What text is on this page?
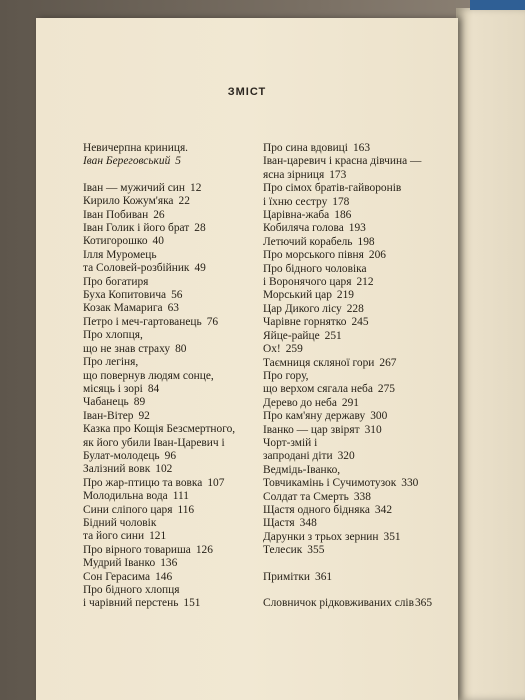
ЗМІСТ
Невичерпна криниця.
Іван Береговський 5
Іван — мужичий син 12
Кирило Кожум'яка 22
Іван Побиван 26
Іван Голик і його брат 28
Котигорошко 40
Ілля Муромець
та Соловей-розбійник 49
Про богатиря
Буха Копитовича 56
Козак Мамарига 63
Петро і меч-гартованець 76
Про хлопця,
що не знав страху 80
Про легіня,
що повернув людям сонце,
місяць і зорі 84
Чабанець 89
Іван-Вітер 92
Казка про Кощія Безсмертного,
як його убили Іван-Царевич і
Булат-молодець 96
Залізний вовк 102
Про жар-птицю та вовка 107
Молодильна вода 111
Сини сліпого царя 116
Бідний чоловік
та його сини 121
Про вірного товариша 126
Мудрий Іванко 136
Сон Герасима 146
Про бідного хлопця
і чарівний перстень 151
Про сина вдовиці 163
Іван-царевич і красна дівчина —
ясна зірниця 173
Про сімох братів-гайворонів
і їхню сестру 178
Царівна-жаба 186
Кобиляча голова 193
Летючий корабель 198
Про морського півня 206
Про бідного чоловіка
і Воронячого царя 212
Морський цар 219
Цар Дикого лісу 228
Чарівне горнятко 245
Яйце-райце 251
Ох! 259
Таємниця скляної гори 267
Про гору,
що верхом сягала неба 275
Дерево до неба 291
Про кам'яну державу 300
Іванко — цар звірят 310
Чорт-змій і
запродані діти 320
Ведмідь-Іванко,
Товчикамінь і Сучимотузок 330
Солдат та Смерть 338
Щастя одного бідняка 342
Щастя 348
Дарунки з трьох зернин 351
Телесик 355
Примітки 361
Словничок рідковживаних слів365
